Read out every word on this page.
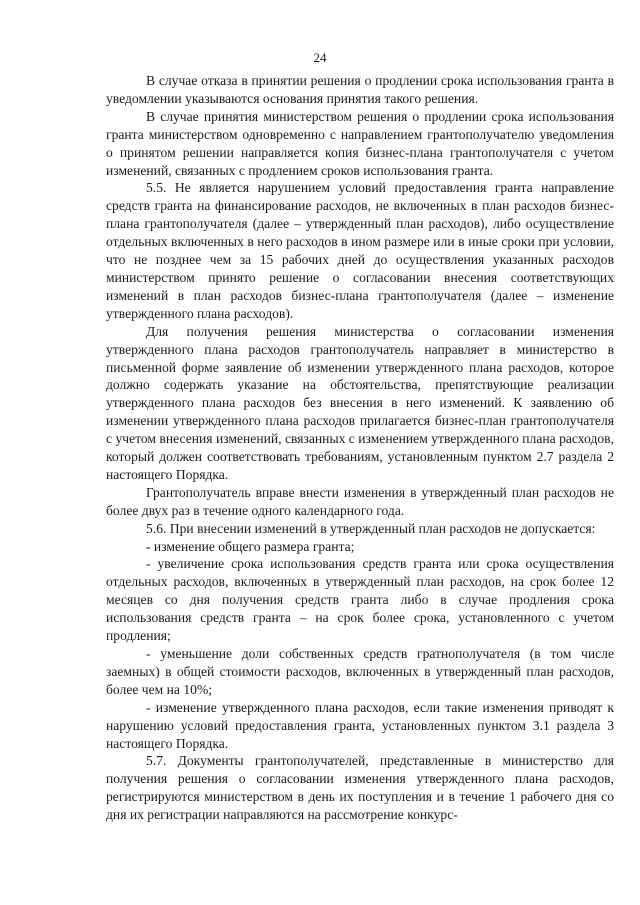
24

В случае отказа в принятии решения о продлении срока использования гранта в уведомлении указываются основания принятия такого решения.

В случае принятия министерством решения о продлении срока использования гранта министерством одновременно с направлением грантополучателю уведомления о принятом решении направляется копия бизнес-плана грантополучателя с учетом изменений, связанных с продлением сроков использования гранта.

5.5. Не является нарушением условий предоставления гранта направление средств гранта на финансирование расходов, не включенных в план расходов бизнес-плана грантополучателя (далее – утвержденный план расходов), либо осуществление отдельных включенных в него расходов в ином размере или в иные сроки при условии, что не позднее чем за 15 рабочих дней до осуществления указанных расходов министерством принято решение о согласовании внесения соответствующих изменений в план расходов бизнес-плана грантополучателя (далее – изменение утвержденного плана расходов).

Для получения решения министерства о согласовании изменения утвержденного плана расходов грантополучатель направляет в министерство в письменной форме заявление об изменении утвержденного плана расходов, которое должно содержать указание на обстоятельства, препятствующие реализации утвержденного плана расходов без внесения в него изменений. К заявлению об изменении утвержденного плана расходов прилагается бизнес-план грантополучателя с учетом внесения изменений, связанных с изменением утвержденного плана расходов, который должен соответствовать требованиям, установленным пунктом 2.7 раздела 2 настоящего Порядка.

Грантополучатель вправе внести изменения в утвержденный план расходов не более двух раз в течение одного календарного года.

5.6. При внесении изменений в утвержденный план расходов не допускается:

- изменение общего размера гранта;

- увеличение срока использования средств гранта или срока осуществления отдельных расходов, включенных в утвержденный план расходов, на срок более 12 месяцев со дня получения средств гранта либо в случае продления срока использования средств гранта – на срок более срока, установленного с учетом продления;

- уменьшение доли собственных средств гратнополучателя (в том числе заемных) в общей стоимости расходов, включенных в утвержденный план расходов, более чем на 10%;

- изменение утвержденного плана расходов, если такие изменения приводят к нарушению условий предоставления гранта, установленных пунктом 3.1 раздела 3 настоящего Порядка.

5.7. Документы грантополучателей, представленные в министерство для получения решения о согласовании изменения утвержденного плана расходов, регистрируются министерством в день их поступления и в течение 1 рабочего дня со дня их регистрации направляются на рассмотрение конкурс-
